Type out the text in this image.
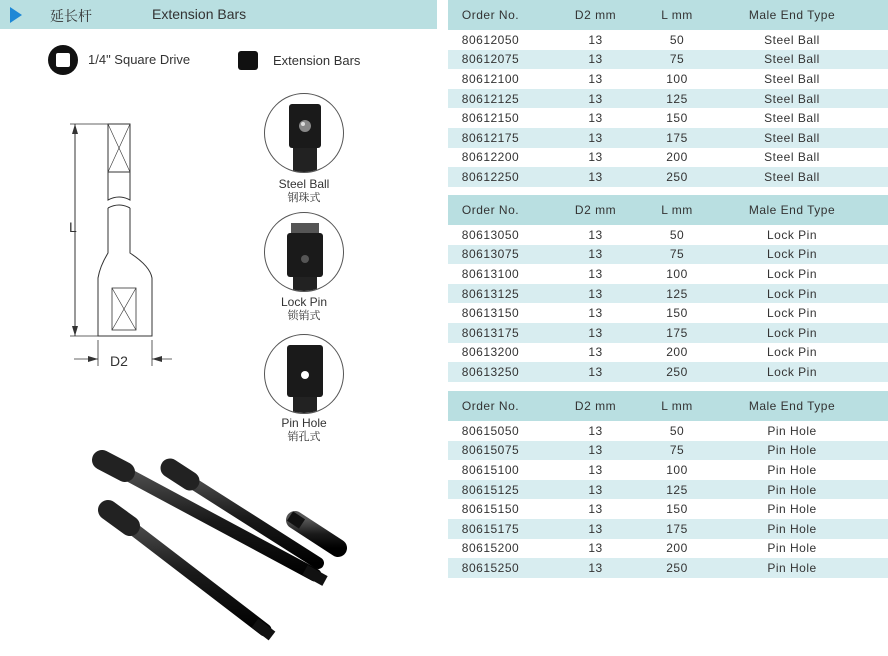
延长杆	Extension Bars
1/4" Square Drive	Extension Bars
L
D2
Steel Ball
钢珠式
Lock Pin
锁销式
Pin Hole
销孔式
Order No.	D2 mm	L mm	Male End Type
80612050	13	50	Steel Ball
80612075	13	75	Steel Ball
80612100	13	100	Steel Ball
80612125	13	125	Steel Ball
80612150	13	150	Steel Ball
80612175	13	175	Steel Ball
80612200	13	200	Steel Ball
80612250	13	250	Steel Ball
Order No.	D2 mm	L mm	Male End Type
80613050	13	50	Lock Pin
80613075	13	75	Lock Pin
80613100	13	100	Lock Pin
80613125	13	125	Lock Pin
80613150	13	150	Lock Pin
80613175	13	175	Lock Pin
80613200	13	200	Lock Pin
80613250	13	250	Lock Pin
Order No.	D2 mm	L mm	Male End Type
80615050	13	50	Pin Hole
80615075	13	75	Pin Hole
80615100	13	100	Pin Hole
80615125	13	125	Pin Hole
80615150	13	150	Pin Hole
80615175	13	175	Pin Hole
80615200	13	200	Pin Hole
80615250	13	250	Pin Hole
